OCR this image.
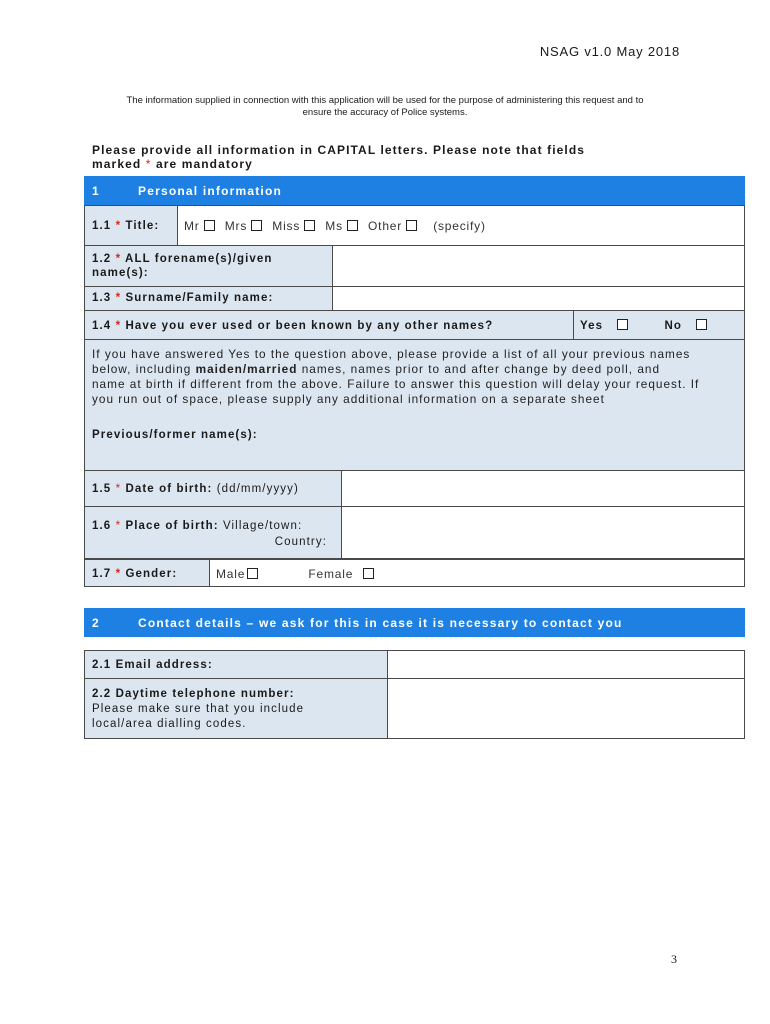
NSAG v1.0 May 2018
The information supplied in connection with this application will be used for the purpose of administering this request and to
ensure the accuracy of Police systems.
Please provide all information in CAPITAL letters. Please note that fields
marked * are mandatory
1	Personal information
1.1 * Title: Mr Mrs Miss Ms Other	(specify)
1.2 * ALL forename(s)/given
name(s):
1.3 * Surname/Family name:
1.4 * Have you ever used or been known by any other names?	Yes	No
If you have answered Yes to the question above, please provide a list of all your previous names
below, including maiden/married names, names prior to and after change by deed poll, and
name at birth if different from the above. Failure to answer this question will delay your request. If
you run out of space, please supply any additional information on a separate sheet
Previous/former name(s):
1.5 * Date of birth: (dd/mm/yyyy)
1.6 * Place of birth: Village/town:
Country:
1.7 * Gender:	Male	Female
2	Contact details – we ask for this in case it is necessary to contact you
2.1 Email address:
2.2 Daytime telephone number:
Please make sure that you include
local/area dialling codes.
3
